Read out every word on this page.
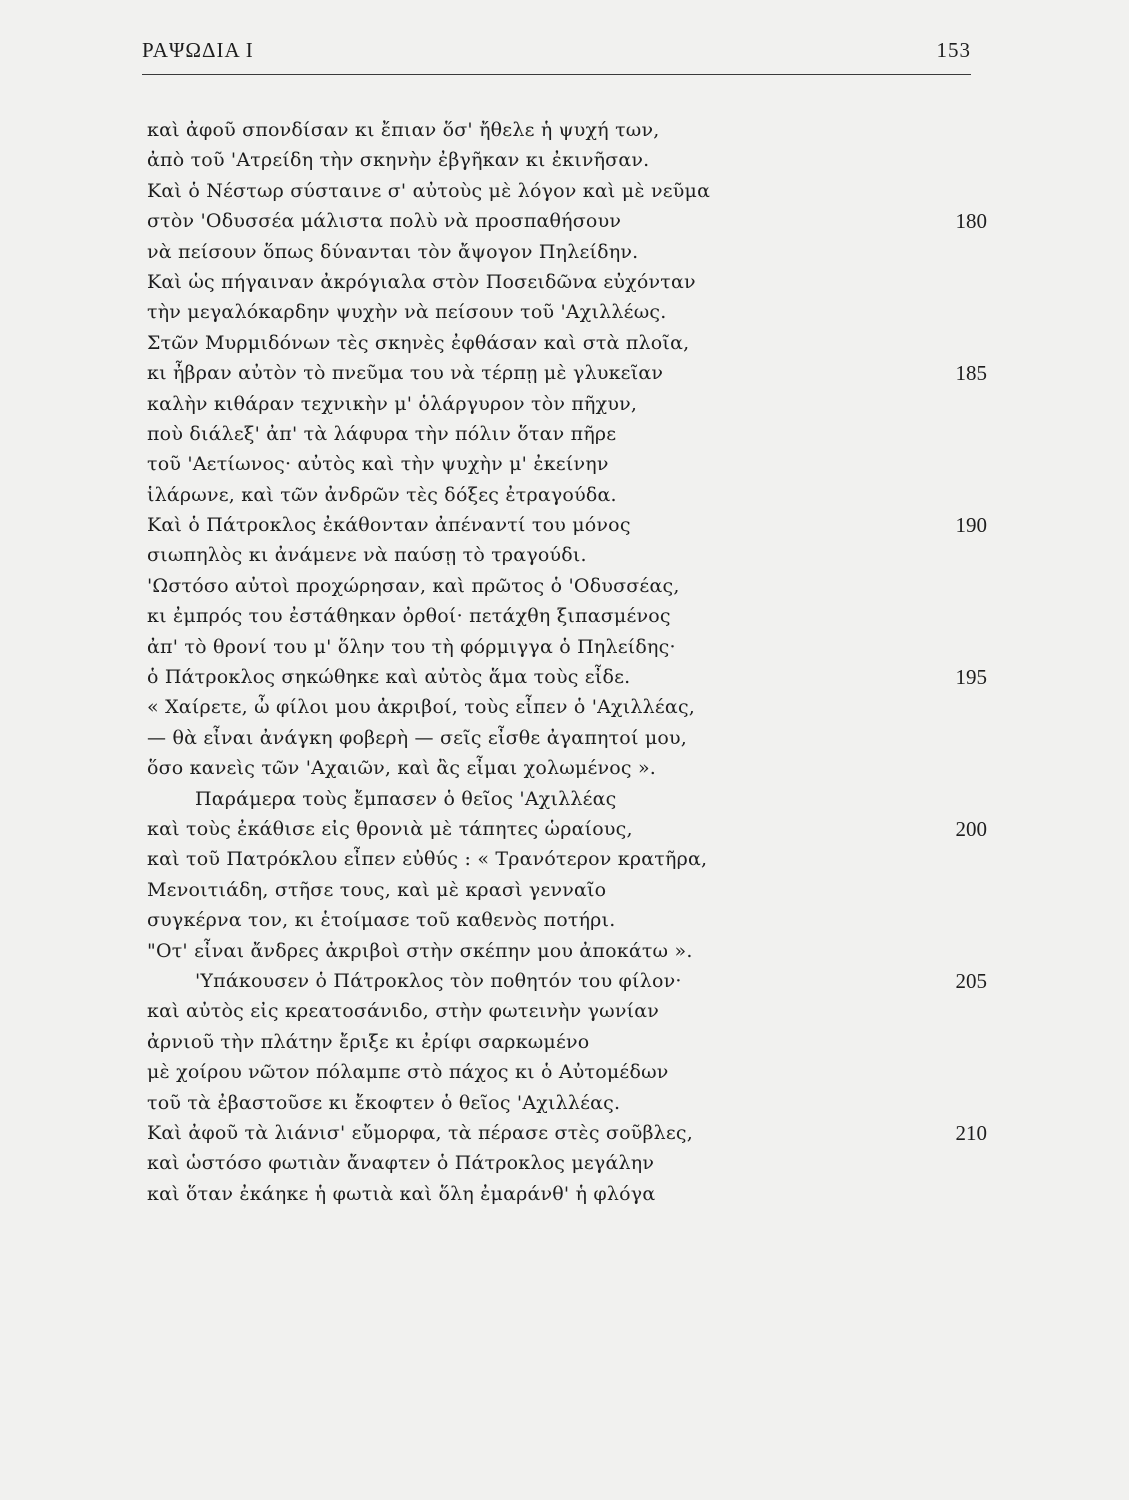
ΡΑΨΩΔΙΑ Ι	153
καὶ ἀφοῦ σπονδίσαν κι ἔπιαν ὅσ' ἤθελε ἡ ψυχή των,
ἀπὸ τοῦ 'Ατρείδη τὴν σκηνὴν ἐβγῆκαν κι ἐκινῆσαν.
Καὶ ὁ Νέστωρ σύσταινε σ' αὐτοὺς μὲ λόγον καὶ μὲ νεῦμα
στὸν 'Οδυσσέα μάλιστα πολὺ νὰ προσπαθήσουν	180
νὰ πείσουν ὅπως δύνανται τὸν ἄψογον Πηλείδην.
Καὶ ὡς πήγαιναν ἀκρόγιαλα στὸν Ποσειδῶνα εὐχόνταν
τὴν μεγαλόκαρδην ψυχὴν νὰ πείσουν τοῦ 'Αχιλλέως.
Στῶν Μυρμιδόνων τὲς σκηνὲς ἐφθάσαν καὶ στὰ πλοῖα,
κι ἦβραν αὐτὸν τὸ πνεῦμα του νὰ τέρπῃ μὲ γλυκεῖαν	185
καλὴν κιθάραν τεχνικὴν μ' ὁλάργυρον τὸν πῆχυν,
ποὺ διάλεξ' ἀπ' τὰ λάφυρα τὴν πόλιν ὅταν πῆρε
τοῦ 'Αετίωνος· αὐτὸς καὶ τὴν ψυχὴν μ' ἐκείνην
ἱλάρωνε, καὶ τῶν ἀνδρῶν τὲς δόξες ἐτραγούδα.
Καὶ ὁ Πάτροκλος ἐκάθονταν ἀπέναντί του μόνος	190
σιωπηλὸς κι ἀνάμενε νὰ παύσῃ τὸ τραγούδι.
'Ωστόσο αὐτοὶ προχώρησαν, καὶ πρῶτος ὁ 'Οδυσσέας,
κι ἐμπρός του ἐστάθηκαν ὀρθοί· πετάχθη ξιπασμένος
ἀπ' τὸ θρονί του μ' ὅλην του τὴ φόρμιγγα ὁ Πηλείδης·
ὁ Πάτροκλος σηκώθηκε καὶ αὐτὸς ἅμα τοὺς εἶδε.	195
« Χαίρετε, ὦ φίλοι μου ἀκριβοί, τοὺς εἶπεν ὁ 'Αχιλλέας,
— θὰ εἶναι ἀνάγκη φοβερὴ — σεῖς εἶσθε ἀγαπητοί μου,
ὅσο κανεὶς τῶν 'Αχαιῶν, καὶ ἂς εἶμαι χολωμένος ».
Παράμερα τοὺς ἔμπασεν ὁ θεῖος 'Αχιλλέας
καὶ τοὺς ἐκάθισε εἰς θρονιὰ μὲ τάπητες ὡραίους,	200
καὶ τοῦ Πατρόκλου εἶπεν εὐθύς : « Τρανότερον κρατῆρα,
Μενοιτιάδη, στῆσε τους, καὶ μὲ κρασὶ γενναῖο
συγκέρνα τον, κι ἑτοίμασε τοῦ καθενὸς ποτήρι.
"Οτ' εἶναι ἄνδρες ἀκριβοὶ στὴν σκέπην μου ἀποκάτω ».
'Υπάκουσεν ὁ Πάτροκλος τὸν ποθητόν του φίλον·	205
καὶ αὐτὸς εἰς κρεατοσάνιδο, στὴν φωτεινὴν γωνίαν
ἀρνιοῦ τὴν πλάτην ἔριξε κι ἐρίφι σαρκωμένο
μὲ χοίρου νῶτον πόλαμπε στὸ πάχος κι ὁ Αὐτομέδων
τοῦ τὰ ἐβαστοῦσε κι ἔκοφτεν ὁ θεῖος 'Αχιλλέας.
Καὶ ἀφοῦ τὰ λιάνισ' εὔμορφα, τὰ πέρασε στὲς σοῦβλες,	210
καὶ ὡστόσο φωτιὰν ἄναφτεν ὁ Πάτροκλος μεγάλην
καὶ ὅταν ἐκάηκε ἡ φωτιὰ καὶ ὅλη ἐμαράνθ' ἡ φλόγα
